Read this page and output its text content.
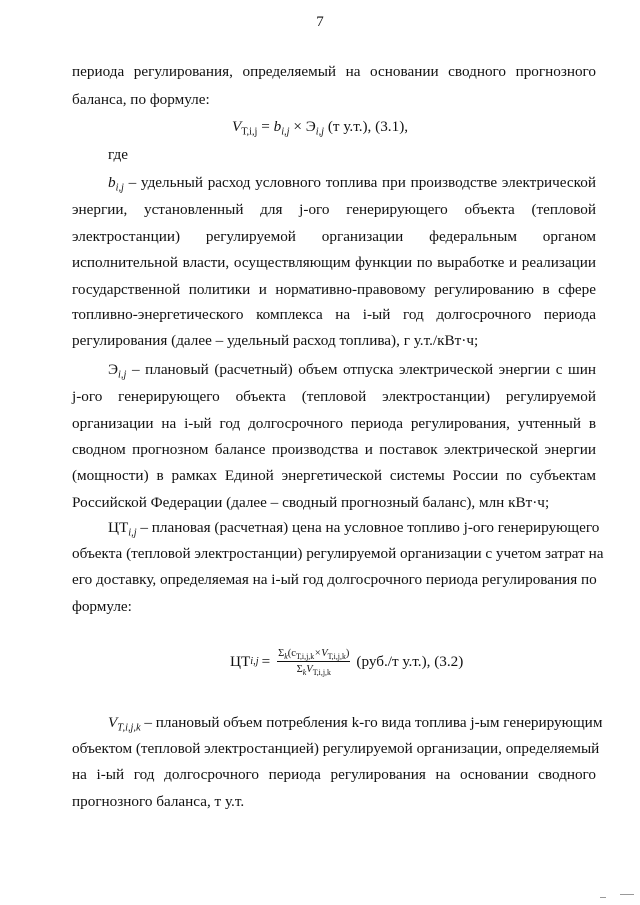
7
периода регулирования, определяемый на основании сводного прогнозного
баланса, по формуле:
$V_{Т,i,j} = b_{i,j} \times Э_{i,j}$ (т у.т.), (3.1),
где
$b_{i,j}$ – удельный расход условного топлива при производстве электрической
энергии, установленный для j-ого генерирующего объекта (тепловой
электростанции) регулируемой организации федеральным органом
исполнительной власти, осуществляющим функции по выработке и реализации
государственной политики и нормативно-правовому регулированию в сфере
топливно-энергетического комплекса на i-ый год долгосрочного периода
регулирования (далее – удельный расход топлива), г у.т./кВт·ч;
$Э_{i,j}$ – плановый (расчетный) объем отпуска электрической энергии с шин
j-ого генерирующего объекта (тепловой электростанции) регулируемой
организации на i-ый год долгосрочного периода регулирования, учтенный в
сводном прогнозном балансе производства и поставок электрической энергии
(мощности) в рамках Единой энергетической системы России по субъектам
Российской Федерации (далее – сводный прогнозный баланс), млн кВт·ч;
$ЦТ_{i,j}$ – плановая (расчетная) цена на условное топливо j-ого генерирующего
объекта (тепловой электростанции) регулируемой организации с учетом затрат на
его доставку, определяемая на i-ый год долгосрочного периода регулирования по
формуле:
ЦТ $i,j = \frac{\Sigma_k(c_{Т,i,j,k}\times V_{Т,i,j,k})}{\Sigma_kV_{Т,i,j,k}} (руб./т$ у.т.), (3.2)
$V_{Т,i,j,k}$ – плановый объем потребления k-го вида топлива j-ым генерирующим
объектом (тепловой электростанцией) регулируемой организации, определяемый
на i-ый год долгосрочного периода регулирования на основании сводного
прогнозного баланса, т у.т.
